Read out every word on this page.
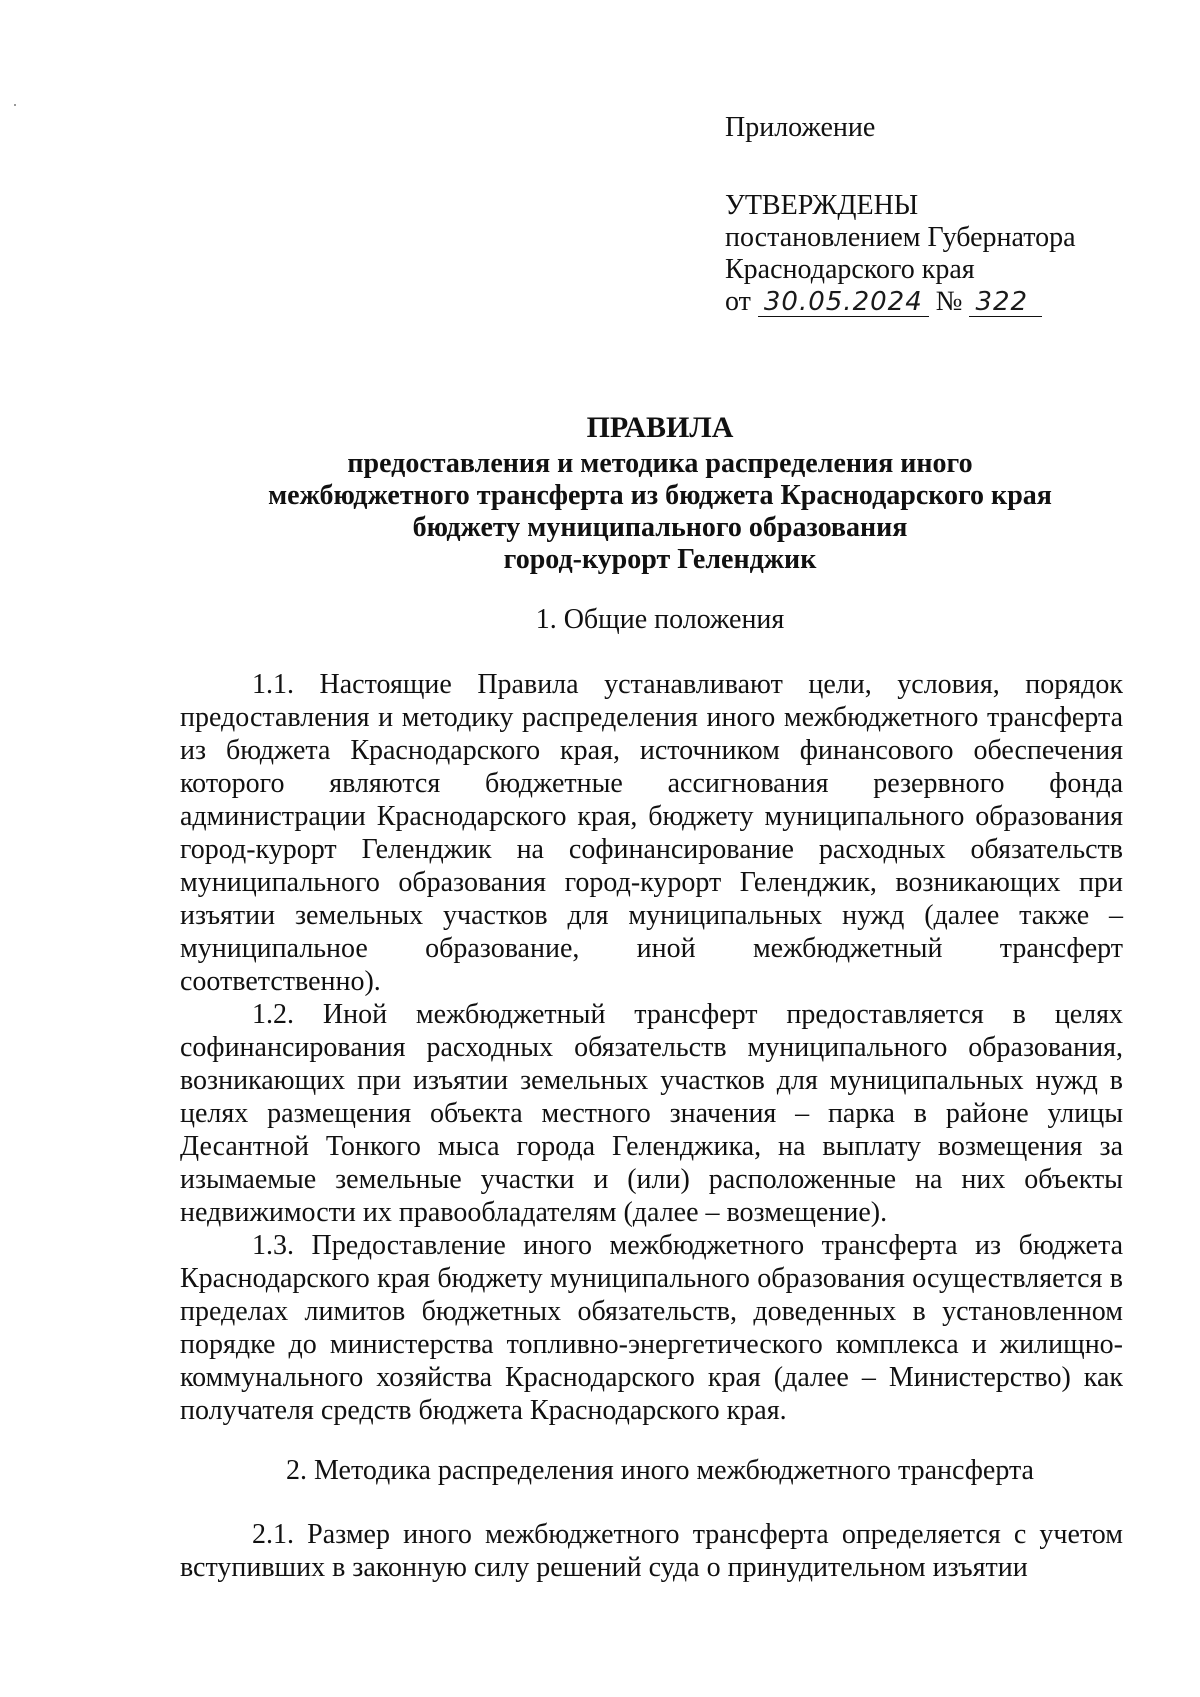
Приложение
УТВЕРЖДЕНЫ
постановлением Губернатора
Краснодарского края
от 30.05.2024 № 322
ПРАВИЛА
предоставления и методика распределения иного
межбюджетного трансферта из бюджета Краснодарского края
бюджету муниципального образования
город-курорт Геленджик
1. Общие положения

1.1. Настоящие Правила устанавливают цели, условия, порядок предоставления и методику распределения иного межбюджетного трансферта из бюджета Краснодарского края, источником финансового обеспечения которого являются бюджетные ассигнования резервного фонда администрации Краснодарского края, бюджету муниципального образования город-курорт Геленджик на софинансирование расходных обязательств муниципального образования город-курорт Геленджик, возникающих при изъятии земельных участков для муниципальных нужд (далее также – муниципальное образование, иной межбюджетный трансферт соответственно).

1.2. Иной межбюджетный трансферт предоставляется в целях софинансирования расходных обязательств муниципального образования, возникающих при изъятии земельных участков для муниципальных нужд в целях размещения объекта местного значения – парка в районе улицы Десантной Тонкого мыса города Геленджика, на выплату возмещения за изымаемые земельные участки и (или) расположенные на них объекты недвижимости их правообладателям (далее – возмещение).

1.3. Предоставление иного межбюджетного трансферта из бюджета Краснодарского края бюджету муниципального образования осуществляется в пределах лимитов бюджетных обязательств, доведенных в установленном порядке до министерства топливно-энергетического комплекса и жилищно-коммунального хозяйства Краснодарского края (далее – Министерство) как получателя средств бюджета Краснодарского края.

2. Методика распределения иного межбюджетного трансферта

2.1. Размер иного межбюджетного трансферта определяется с учетом вступивших в законную силу решений суда о принудительном изъятии
